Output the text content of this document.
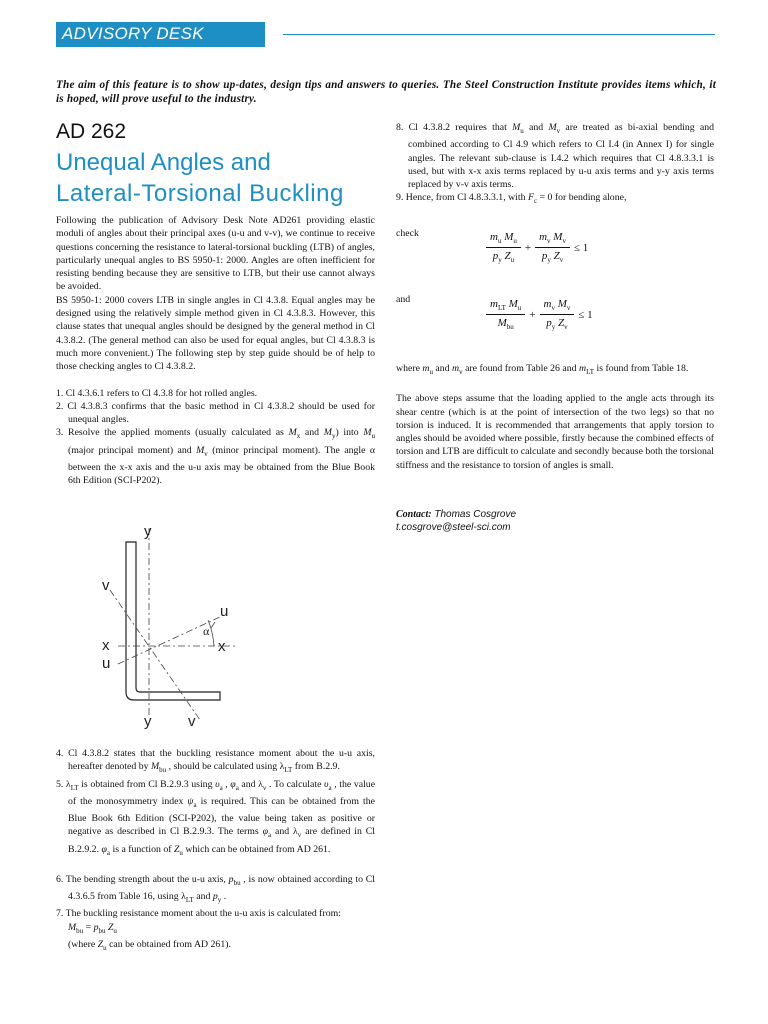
ADVISORY DESK
The aim of this feature is to show up-dates, design tips and answers to queries. The Steel Construction Institute provides items which, it is hoped, will prove useful to the industry.
AD 262
Unequal Angles and
Lateral-Torsional Buckling

Following the publication of Advisory Desk Note AD261 providing elastic moduli of angles about their principal axes (u-u and v-v), we continue to receive questions concerning the resistance to lateral-torsional buckling (LTB) of angles, particularly unequal angles to BS 5950-1: 2000. Angles are often inefficient for resisting bending because they are sensitive to LTB, but their use cannot always be avoided.

BS 5950-1: 2000 covers LTB in single angles in Cl 4.3.8. Equal angles may be designed using the relatively simple method given in Cl 4.3.8.3. However, this clause states that unequal angles should be designed by the general method in Cl 4.3.8.2. (The general method can also be used for equal angles, but Cl 4.3.8.3 is much more convenient.) The following step by step guide should be of help to those checking angles to Cl 4.3.8.2.

1. Cl 4.3.6.1 refers to Cl 4.3.8 for hot rolled angles.

2. Cl 4.3.8.3 confirms that the basic method in Cl 4.3.8.2 should be used for unequal angles.

3. Resolve the applied moments (usually calculated as $M_x$ and $M_y$) into $M_u$ (major principal moment) and $M_v$ (minor principal moment). The angle α between the x-x axis and the u-u axis may be obtained from the Blue Book 6th Edition (SCI-P202).

y
y
v
v
u
u
x	x
α

4. Cl 4.3.8.2 states that the buckling resistance moment about the u-u axis, hereafter denoted by $M_{bu}$ , should be calculated using $\lambda_{LT}$ from B.2.9.

5. $\lambda_{LT}$ is obtained from Cl B.2.9.3 using $\upsilon_a$ , $\varphi_a$ and $\lambda_v$ . To calculate $\upsilon_a$ , the value of the monosymmetry index $\psi_a$ is required. This can be obtained from the Blue Book 6th Edition (SCI-P202), the value being taken as positive or negative as described in Cl B.2.9.3. The terms $\varphi_a$ and $\lambda_v$ are defined in Cl B.2.9.2. $\varphi_a$ is a function of $Z_u$ which can be obtained from AD 261.

6. The bending strength about the u-u axis, $p_{bu}$ , is now obtained according to Cl 4.3.6.5 from Table 16, using $\lambda_{LT}$ and $p_y$ .

7. The buckling resistance moment about the u-u axis is calculated from:

$M_{bu} = p_{bu}$ $Z_u$

(where $Z_u$ can be obtained from AD 261).

8. Cl 4.3.8.2 requires that $M_u$ and $M_v$ are treated as bi-axial bending and combined according to Cl 4.9 which refers to Cl I.4 (in Annex I) for single angles. The relevant sub-clause is I.4.2 which requires that Cl 4.8.3.3.1 is used, but with x-x axis terms replaced by u-u axis terms and y-y axis terms replaced by v-v axis terms.

9. Hence, from Cl 4.8.3.3.1, with $F_c = 0$ for bending alone,

check	$\frac{m_u M_u}{p_y Z_u} + \frac{m_v M_v}{p_y Z_v} \le 1$
and	$\frac{m_{LT} M_u}{M_{bu}} + \frac{m_v M_v}{p_y Z_v} \le 1$

where $m_u$ and $m_v$ are found from Table 26 and $m_{LT}$ is found from Table 18.

The above steps assume that the loading applied to the angle acts through its shear centre (which is at the point of intersection of the two legs) so that no torsion is induced. It is recommended that arrangements that apply torsion to angles should be avoided where possible, firstly because the combined effects of torsion and LTB are difficult to calculate and secondly because both the torsional stiffness and the resistance to torsion of angles is small.

Contact: Thomas Cosgrove
t.cosgrove@steel-sci.com
